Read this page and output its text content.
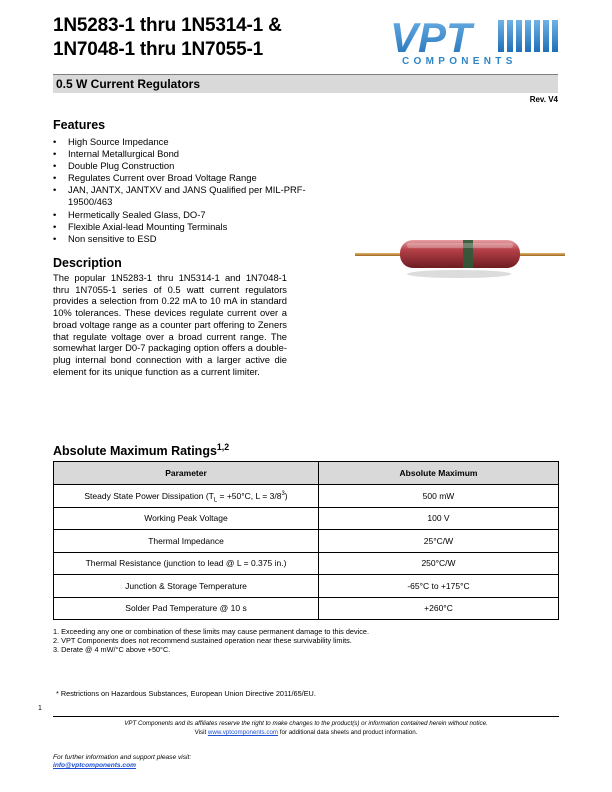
1N5283-1 thru 1N5314-1 &
1N7048-1 thru 1N7055-1	VPT
COMPONENTS
0.5 W Current Regulators
Rev. V4
Features
• High Source Impedance
• Internal Metallurgical Bond
• Double Plug Construction
• Regulates Current over Broad Voltage Range
• JAN, JANTX, JANTXV and JANS Qualified per MIL-PRF-19500/463
• Hermetically Sealed Glass, DO-7
• Flexible Axial-lead Mounting Terminals
• Non sensitive to ESD
Description

The popular 1N5283-1 thru 1N5314-1 and 1N7048-1 thru 1N7055-1 series of 0.5 watt current regulators provides a selection from 0.22 mA to 10 mA in standard 10% tolerances. These devices regulate current over a broad voltage range as a counter part offering to Zeners that regulate voltage over a broad current range. The somewhat larger D0-7 packaging option offers a double-plug internal bond connection with a larger active die element for its unique function as a current limiter.

Absolute Maximum Ratings$^{1,2}$
Parameter	Absolute Maximum
Steady State Power Dissipation ($T_L = +50^\circ C$, $L = 3/8^3$)	500 mW
Working Peak Voltage	100 V
Thermal Impedance	25°C/W
Thermal Resistance (junction to lead @ L = 0.375 in.)	250°C/W
Junction & Storage Temperature	-65°C to +175°C
Solder Pad Temperature @ 10 s	+260°C
1. Exceeding any one or combination of these limits may cause permanent damage to this device.
2. VPT Components does not recommend sustained operation near these survivability limits.
3. Derate @ 4 mW/°C above +50°C.
* Restrictions on Hazardous Substances, European Union Directive 2011/65/EU.
1
VPT Components and its affiliates reserve the right to make changes to the product(s) or information contained herein without notice.
Visit www.vptcomponents.com for additional data sheets and product information.
For further information and support please visit:
info@vptcomponents.com
